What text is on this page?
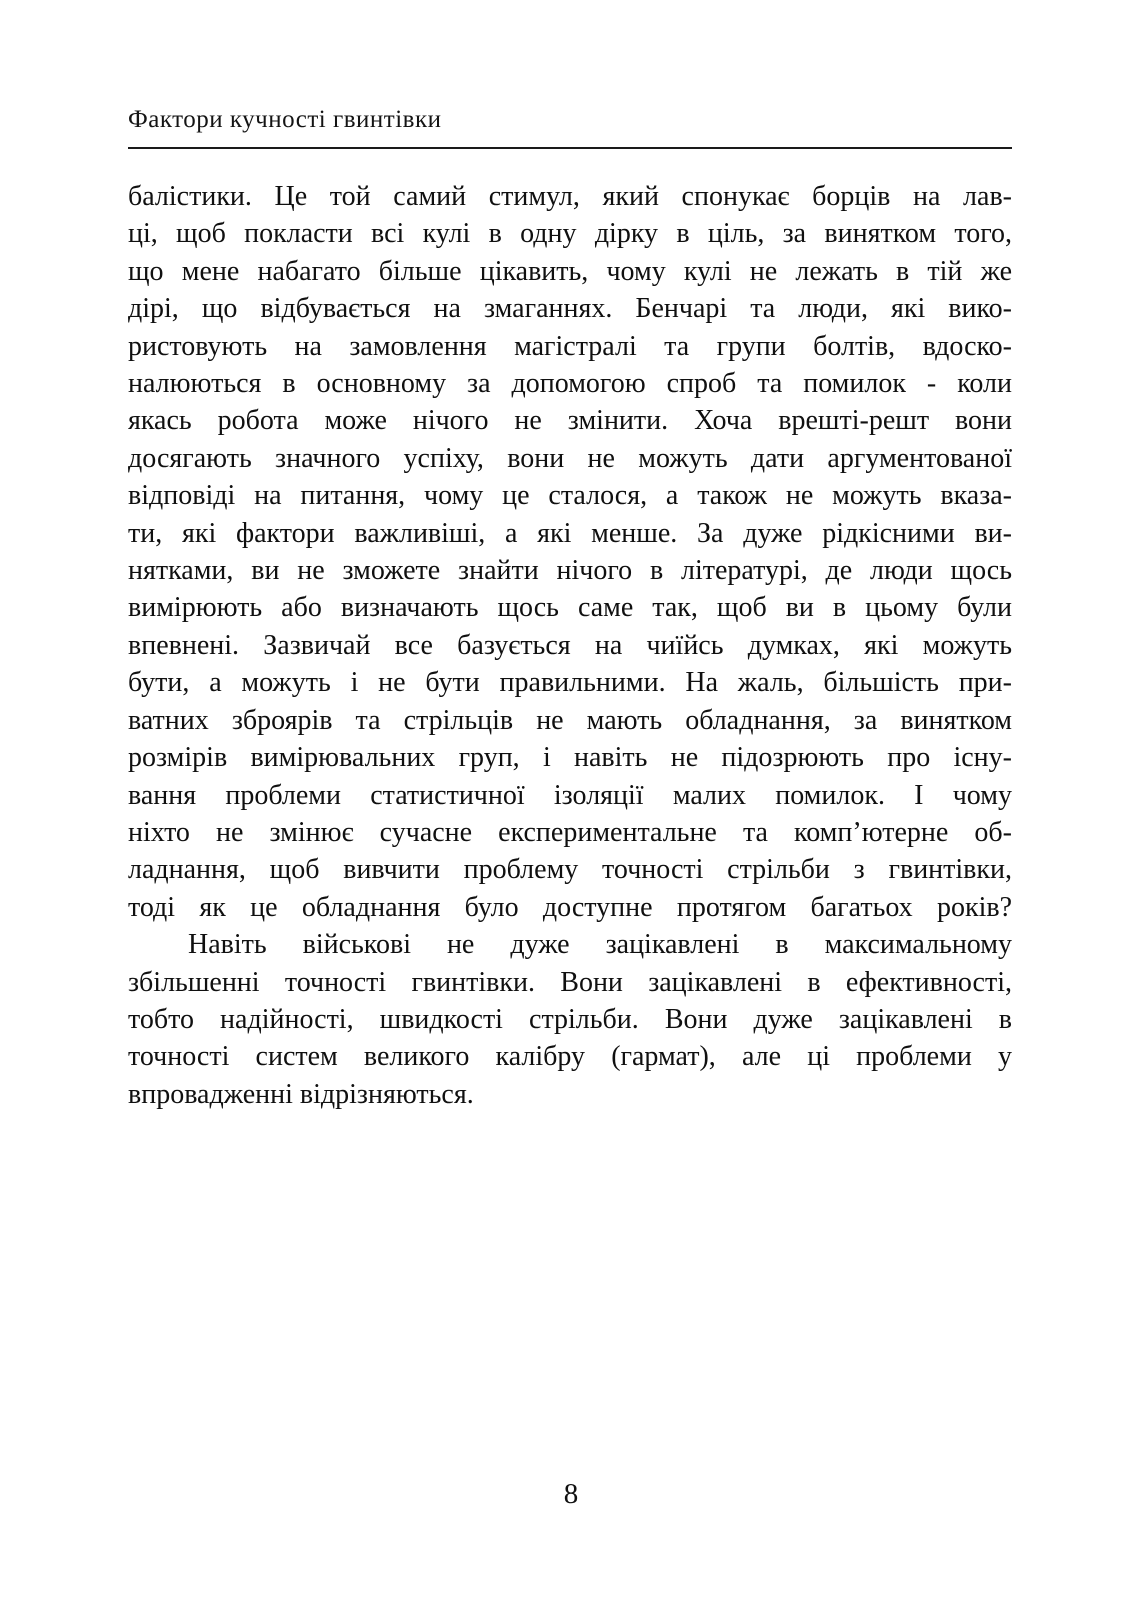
Фактори кучності гвинтівки
балістики. Це той самий стимул, який спонукає борців на лав-
ці, щоб покласти всі кулі в одну дірку в ціль, за винятком того,
що мене набагато більше цікавить, чому кулі не лежать в тій же
дірі, що відбувається на змаганнях. Бенчарі та люди, які вико-
ристовують на замовлення магістралі та групи болтів, вдоско-
налюються в основному за допомогою спроб та помилок - коли
якась робота може нічого не змінити. Хоча врешті-решт вони
досягають значного успіху, вони не можуть дати аргументованої
відповіді на питання, чому це сталося, а також не можуть вказа-
ти, які фактори важливіші, а які менше. За дуже рідкісними ви-
нятками, ви не зможете знайти нічого в літературі, де люди щось
вимірюють або визначають щось саме так, щоб ви в цьому були
впевнені. Зазвичай все базується на чиїйсь думках, які можуть
бути, а можуть і не бути правильними. На жаль, більшість при-
ватних зброярів та стрільців не мають обладнання, за винятком
розмірів вимірювальних груп, і навіть не підозрюють про існу-
вання проблеми статистичної ізоляції малих помилок. І чому
ніхто не змінює сучасне експериментальне та комп’ютерне об-
ладнання, щоб вивчити проблему точності стрільби з гвинтівки,
тоді як це обладнання було доступне протягом багатьох років?
Навіть військові не дуже зацікавлені в максимальному
збільшенні точності гвинтівки. Вони зацікавлені в ефективності,
тобто надійності, швидкості стрільби. Вони дуже зацікавлені в
точності систем великого калібру (гармат), але ці проблеми у
впровадженні відрізняються.
8
